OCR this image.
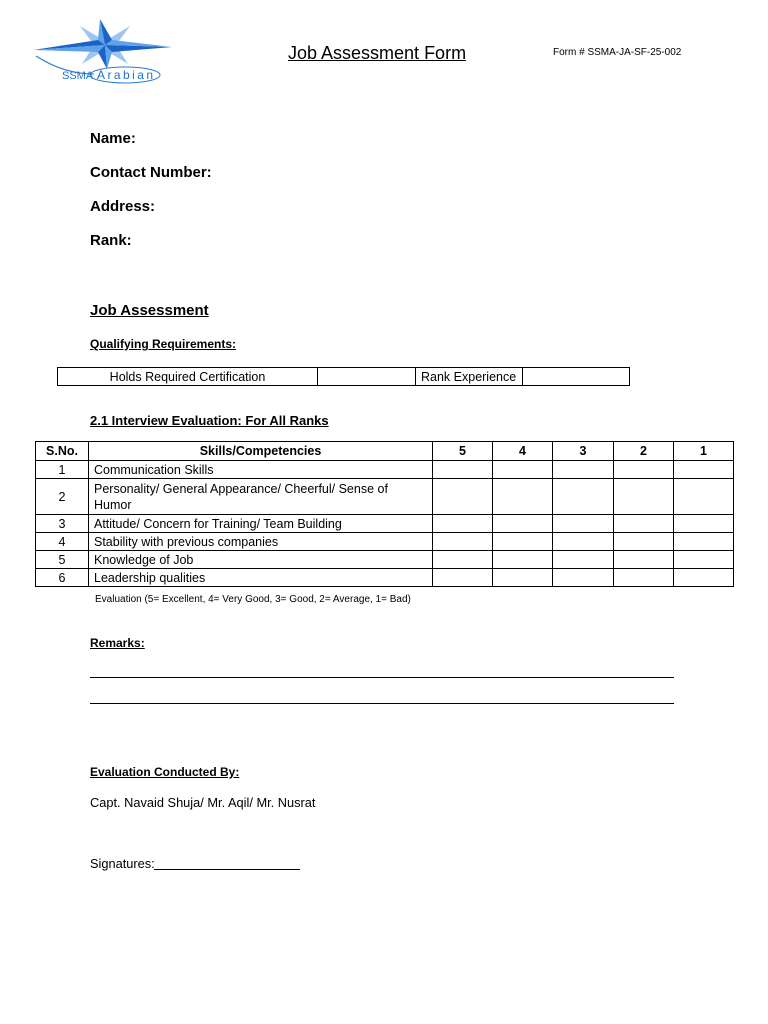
SSMA Arabian
Job Assessment Form	Form # SSMA-JA-SF-25-002
Name:
Contact Number:
Address:
Rank:
Job Assessment
Qualifying Requirements:
Holds Required Certification		Rank Experience	
2.1 Interview Evaluation: For All Ranks
S.No.	Skills/Competencies	5	4	3	2	1
1	Communication Skills					
2	Personality/ General Appearance/ Cheerful/ Sense of Humor					
3	Attitude/ Concern for Training/ Team Building					
4	Stability with previous companies					
5	Knowledge of Job					
6	Leadership qualities					
Evaluation (5= Excellent, 4= Very Good, 3= Good, 2= Average, 1= Bad)
Remarks:
Evaluation Conducted By:
Capt. Navaid Shuja/ Mr. Aqil/ Mr. Nusrat
Signatures:
